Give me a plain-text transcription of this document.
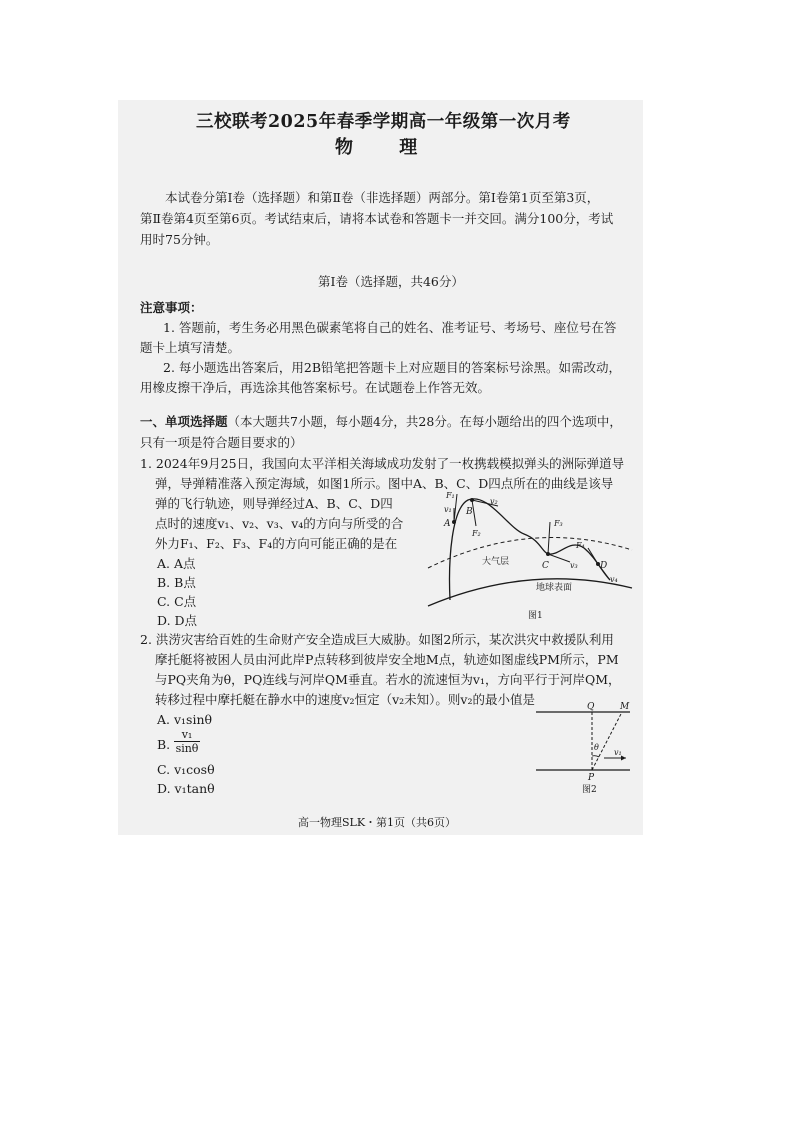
三校联考2025年春季学期高一年级第一次月考
物 理
本试卷分第Ⅰ卷（选择题）和第Ⅱ卷（非选择题）两部分。第Ⅰ卷第1页至第3页，
第Ⅱ卷第4页至第6页。考试结束后，请将本试卷和答题卡一并交回。满分100分，考试
用时75分钟。
第Ⅰ卷（选择题，共46分）
注意事项：
1. 答题前，考生务必用黑色碳素笔将自己的姓名、准考证号、考场号、座位号在答
题卡上填写清楚。
2. 每小题选出答案后，用2B铅笔把答题卡上对应题目的答案标号涂黑。如需改动，
用橡皮擦干净后，再选涂其他答案标号。在试题卷上作答无效。
一、单项选择题（本大题共7小题，每小题4分，共28分。在每小题给出的四个选项中，
只有一项是符合题目要求的）
1. 2024年9月25日，我国向太平洋相关海域成功发射了一枚携载模拟弹头的洲际弹道导
弹，导弹精准落入预定海域，如图1所示。图中A、B、C、D四点所在的曲线是该导
弹的飞行轨迹，则导弹经过A、B、C、D四
点时的速度v₁、v₂、v₃、v₄的方向与所受的合
外力F₁、F₂、F₃、F₄的方向可能正确的是在
A. A点
B. B点
C. C点
D. D点
F₁
v₁
A
B
v₂
F₂
F₃
大气层	C	v₃
F₄
D
v₄
地球表面
图1
2. 洪涝灾害给百姓的生命财产安全造成巨大威胁。如图2所示，某次洪灾中救援队利用
摩托艇将被困人员由河此岸P点转移到彼岸安全地M点，轨迹如图虚线PM所示，PM
与PQ夹角为θ，PQ连线与河岸QM垂直。若水的流速恒为v₁，方向平行于河岸QM，
转移过程中摩托艇在静水中的速度v₂恒定（v₂未知）。则v₂的最小值是
A. v₁sinθ
B.
v₁
sinθ
C. v₁cosθ
D. v₁tanθ
Q	M
θ
v₁
P
图2
高一物理SLK・第1页（共6页）
